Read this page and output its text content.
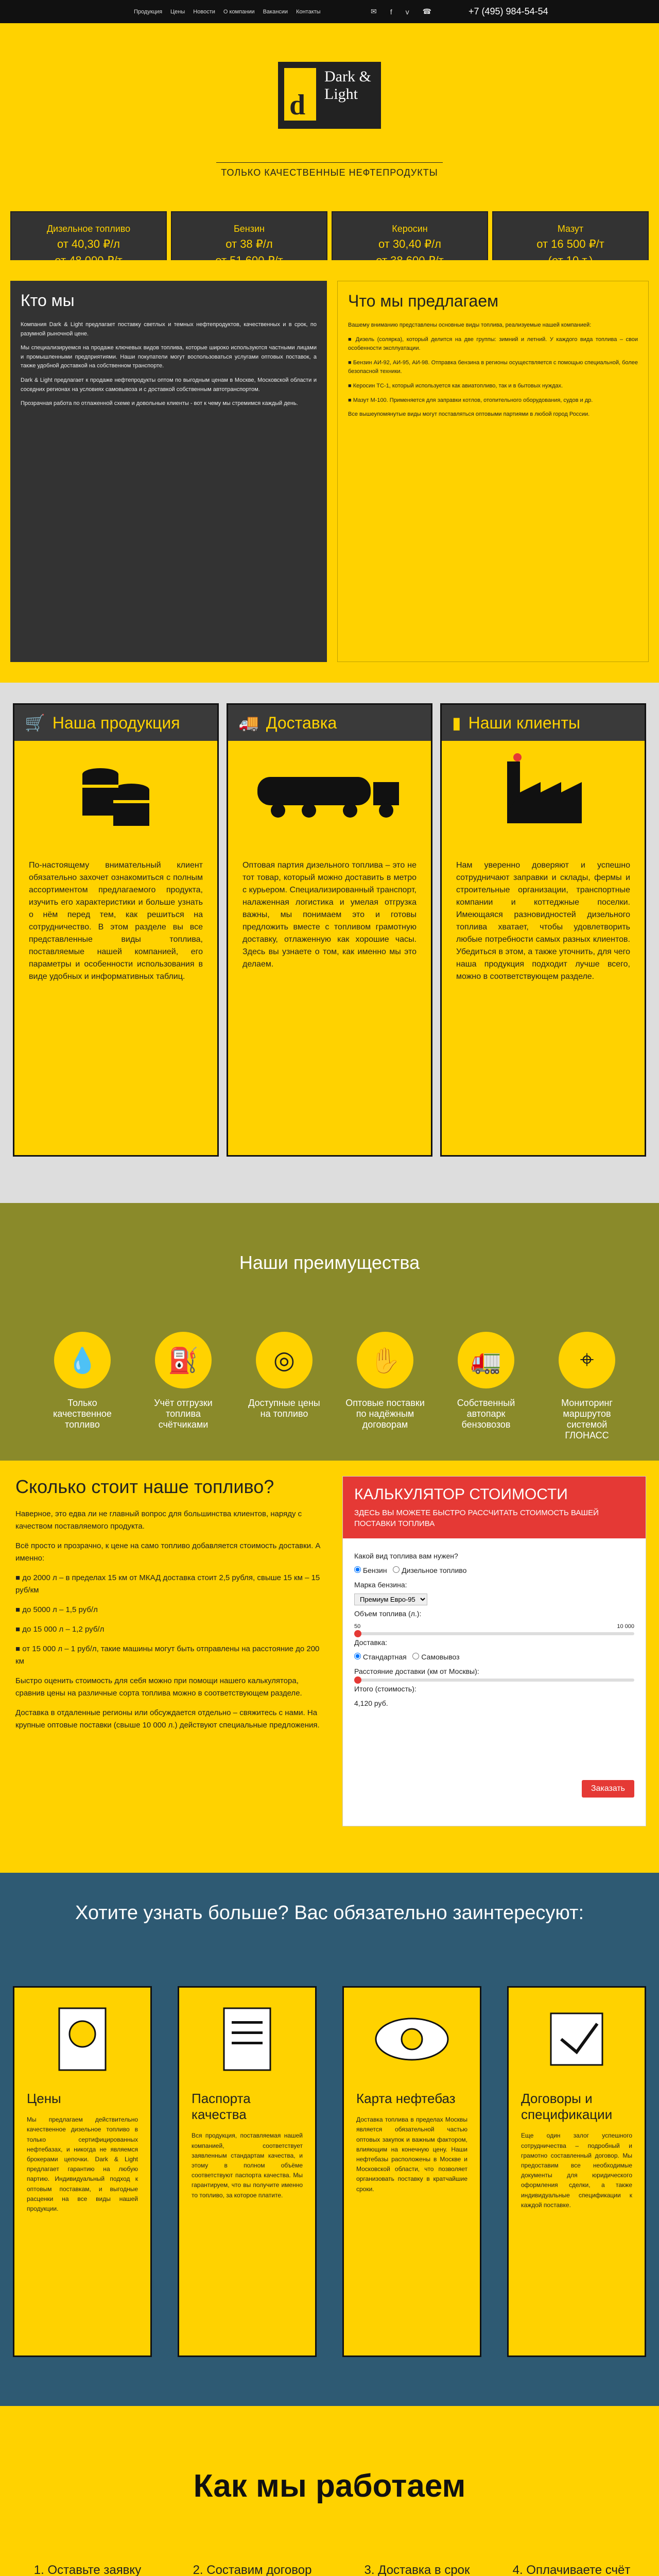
Продукция Цены Новости О компании Вакансии Контакты	✉ f v ☎	+7 (495) 984-54-54
d
Dark & Light
ТОЛЬКО КАЧЕСТВЕННЫЕ НЕФТЕПРОДУКТЫ
Дизельное топливо
от 40,30 ₽/л
Бензин
от 38 ₽/л
Керосин
от 30,40 ₽/л
Мазут
от 16 500 ₽/т
Кто мы

Компания Dark & Light предлагает поставку светлых и темных нефтепродуктов, качественных и в срок, по разумной рыночной цене.

Мы специализируемся на продаже ключевых видов топлива, которые широко используются частными лицами и промышленными предприятиями. Наши покупатели могут воспользоваться услугами оптовых поставок, а также удобной доставкой на собственном транспорте.

Dark & Light предлагает к продаже нефтепродукты оптом по выгодным ценам в Москве, Московской области и соседних регионах на условиях самовывоза и с доставкой собственным автотранспортом.

Прозрачная работа по отлаженной схеме и довольные клиенты - вот к чему мы стремимся каждый день.

Что мы предлагаем

Вашему вниманию представлены основные виды топлива, реализуемые нашей компанией:

■ Дизель (солярка), который делится на две группы: зимний и летний. У каждого вида топлива – свои особенности эксплуатации.

■ Бензин АИ-92, АИ-95, АИ-98. Отправка бензина в регионы осуществляется с помощью специальной, более безопасной техники.

■ Керосин ТС-1, который используется как авиатопливо, так и в бытовых нуждах.

■ Мазут М-100. Применяется для заправки котлов, отопительного оборудования, судов и др.

Все вышеупомянутые виды могут поставляться оптовыми партиями в любой город России.

🛒 Наша продукция
По-настоящему внимательный клиент обязательно захочет ознакомиться с полным ассортиментом предлагаемого продукта, изучить его характеристики и больше узнать о нём перед тем, как решиться на сотрудничество. В этом разделе вы все представленные виды топлива, поставляемые нашей компанией, его параметры и особенности использования в виде удобных и информативных таблиц.
🚚 Доставка
Оптовая партия дизельного топлива – это не тот товар, который можно доставить в метро с курьером. Специализированный транспорт, налаженная логистика и умелая отгрузка важны, мы понимаем это и готовы предложить вместе с топливом грамотную доставку, отлаженную как хорошие часы. Здесь вы узнаете о том, как именно мы это делаем.
▮ Наши клиенты
Нам уверенно доверяют и успешно сотрудничают заправки и склады, фермы и строительные организации, транспортные компании и коттеджные поселки. Имеющаяся разновидностей дизельного топлива хватает, чтобы удовлетворить любые потребности самых разных клиентов. Убедиться в этом, а также уточнить, для чего наша продукция подходит лучше всего, можно в соответствующем разделе.
Наши преимущества
💧
Только качественное топливо
⛽
Учёт отгрузки топлива счётчиками
◎
Доступные цены на топливо
✋
Оптовые поставки по надёжным договорам
🚛
Собственный автопарк бензовозов
⌖
Мониторинг маршрутов системой ГЛОНАСС
Сколько стоит наше топливо?

Наверное, это едва ли не главный вопрос для большинства клиентов, наряду с качеством поставляемого продукта.

Всё просто и прозрачно, к цене на само топливо добавляется стоимость доставки. А именно:

■ до 2000 л – в пределах 15 км от МКАД доставка стоит 2,5 рубля, свыше 15 км – 15 руб/км

■ до 5000 л – 1,5 руб/л

■ до 15 000 л – 1,2 руб/л

■ от 15 000 л – 1 руб/л, такие машины могут быть отправлены на расстояние до 200 км

Быстро оценить стоимость для себя можно при помощи нашего калькулятора, сравнив цены на различные сорта топлива можно в соответствующем разделе.

Доставка в отдаленные регионы или обсуждается отдельно – свяжитесь с нами. На крупные оптовые поставки (свыше 10 000 л.) действуют специальные предложения.

КАЛЬКУЛЯТОР СТОИМОСТИ
ЗДЕСЬ ВЫ МОЖЕТЕ БЫСТРО РАССЧИТАТЬ СТОИМОСТЬ ВАШЕЙ ПОСТАВКИ ТОПЛИВА
Какой вид топлива вам нужен?
Бензин Дизельное топливо
Марка бензина:
Премиум Евро-95
Объем топлива (л.):
50	10 000
Доставка:
Стандартная Самовывоз
Расстояние доставки (км от Москвы):
Итого (стоимость):
4,120 руб.
Заказать
Хотите узнать больше? Вас обязательно заинтересуют:
Цены
Мы предлагаем действительно качественное дизельное топливо в только сертифицированных нефтебазах, и никогда не являемся брокерами цепочки. Dark & Light предлагает гарантию на любую партию. Индивидуальный подход к оптовым поставкам, и выгодные расценки на все виды нашей продукции.
Паспорта качества
Вся продукция, поставляемая нашей компанией, соответствует заявленным стандартам качества, и этому в полном объёме соответствуют паспорта качества. Мы гарантируем, что вы получите именно то топливо, за которое платите.
Карта нефтебаз
Доставка топлива в пределах Москвы является обязательной частью оптовых закупок и важным фактором, влияющим на конечную цену. Наши нефтебазы расположены в Москве и Московской области, что позволяет организовать поставку в кратчайшие сроки.
Договоры и спецификации
Еще один залог успешного сотрудничества – подробный и грамотно составленный договор. Мы предоставим все необходимые документы для юридического оформления сделки, а также индивидуальные спецификации к каждой поставке.
Как мы работаем
1. Оставьте заявку	2. Составим договор	3. Доставка в срок	4. Оплачиваете счёт
